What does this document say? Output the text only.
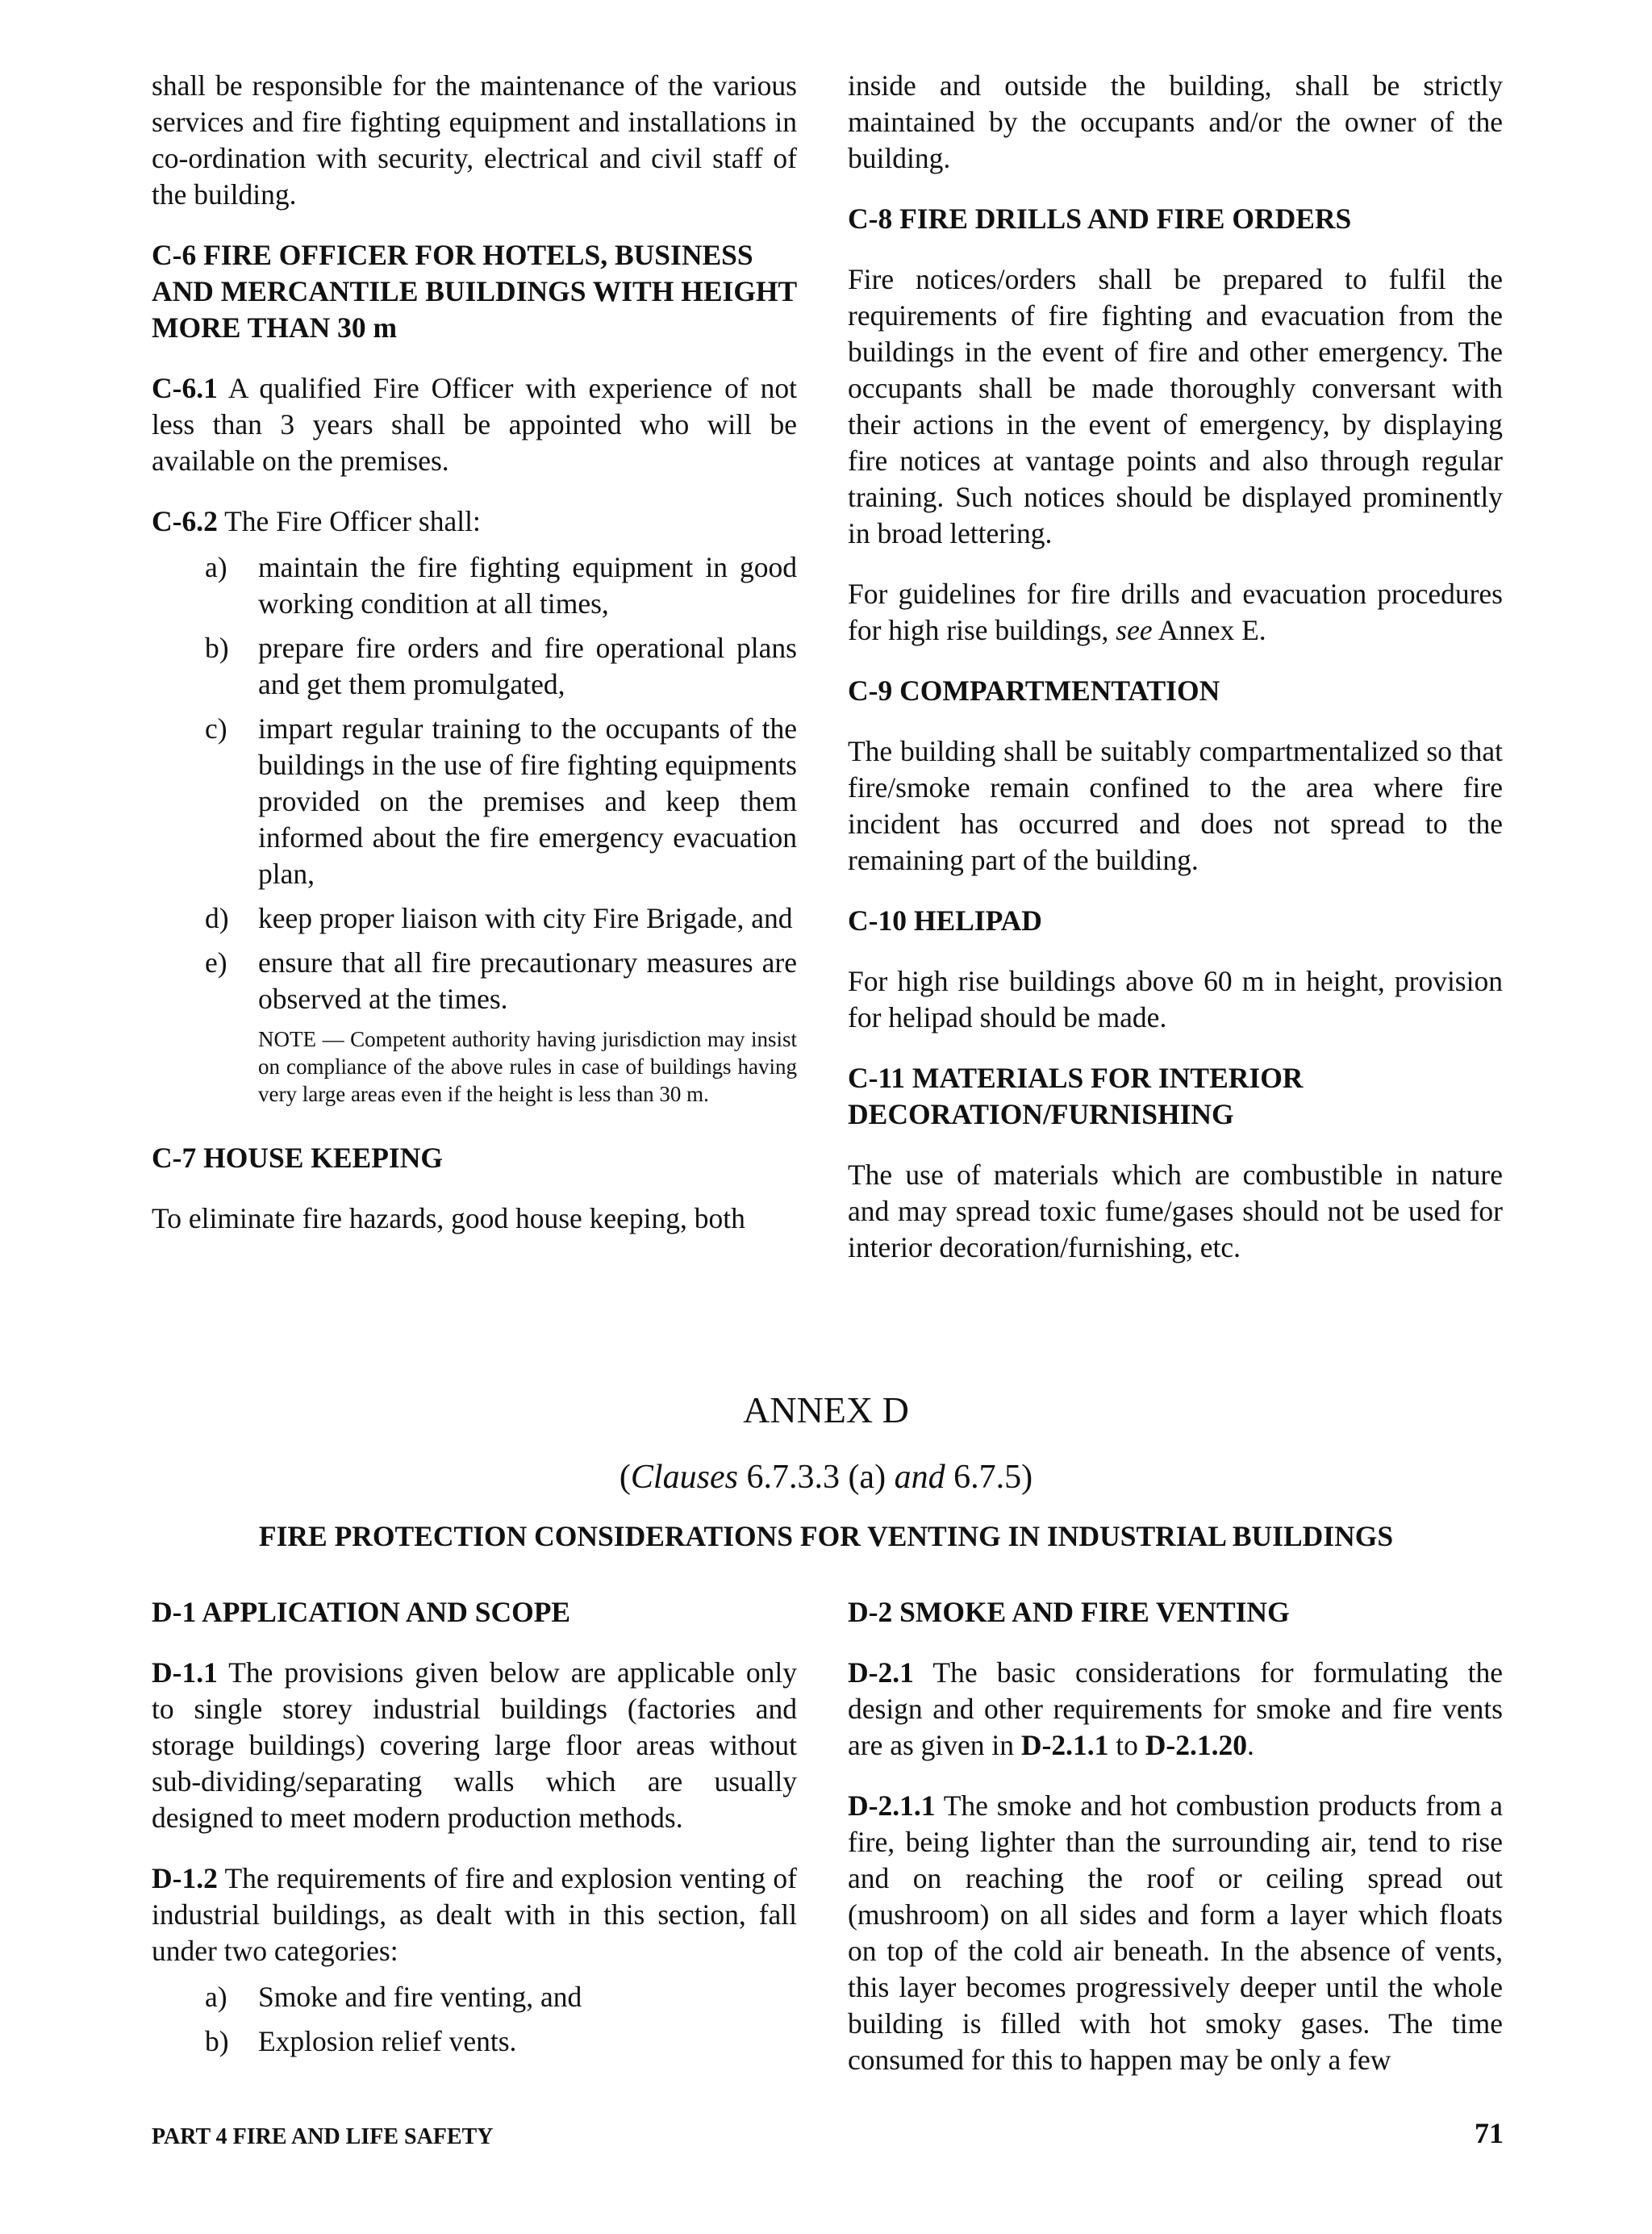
shall be responsible for the maintenance of the various services and fire fighting equipment and installations in co-ordination with security, electrical and civil staff of the building.

C-6 FIRE OFFICER FOR HOTELS, BUSINESS AND MERCANTILE BUILDINGS WITH HEIGHT MORE THAN 30 m

C-6.1 A qualified Fire Officer with experience of not less than 3 years shall be appointed who will be available on the premises.

C-6.2 The Fire Officer shall:

a) maintain the fire fighting equipment in good working condition at all times,
b) prepare fire orders and fire operational plans and get them promulgated,
c) impart regular training to the occupants of the buildings in the use of fire fighting equipments provided on the premises and keep them informed about the fire emergency evacuation plan,
d) keep proper liaison with city Fire Brigade, and
e) ensure that all fire precautionary measures are observed at the times.
NOTE — Competent authority having jurisdiction may insist on compliance of the above rules in case of buildings having very large areas even if the height is less than 30 m.
C-7 HOUSE KEEPING

To eliminate fire hazards, good house keeping, both

inside and outside the building, shall be strictly maintained by the occupants and/or the owner of the building.

C-8 FIRE DRILLS AND FIRE ORDERS

Fire notices/orders shall be prepared to fulfil the requirements of fire fighting and evacuation from the buildings in the event of fire and other emergency. The occupants shall be made thoroughly conversant with their actions in the event of emergency, by displaying fire notices at vantage points and also through regular training. Such notices should be displayed prominently in broad lettering.

For guidelines for fire drills and evacuation procedures for high rise buildings, see Annex E.

C-9 COMPARTMENTATION

The building shall be suitably compartmentalized so that fire/smoke remain confined to the area where fire incident has occurred and does not spread to the remaining part of the building.

C-10 HELIPAD

For high rise buildings above 60 m in height, provision for helipad should be made.

C-11 MATERIALS FOR INTERIOR DECORATION/FURNISHING

The use of materials which are combustible in nature and may spread toxic fume/gases should not be used for interior decoration/furnishing, etc.

ANNEX D
(Clauses 6.7.3.3 (a) and 6.7.5)
FIRE PROTECTION CONSIDERATIONS FOR VENTING IN INDUSTRIAL BUILDINGS
D-1 APPLICATION AND SCOPE

D-1.1 The provisions given below are applicable only to single storey industrial buildings (factories and storage buildings) covering large floor areas without sub-dividing/separating walls which are usually designed to meet modern production methods.

D-1.2 The requirements of fire and explosion venting of industrial buildings, as dealt with in this section, fall under two categories:

a) Smoke and fire venting, and
b) Explosion relief vents.
D-2 SMOKE AND FIRE VENTING

D-2.1 The basic considerations for formulating the design and other requirements for smoke and fire vents are as given in D-2.1.1 to D-2.1.20.

D-2.1.1 The smoke and hot combustion products from a fire, being lighter than the surrounding air, tend to rise and on reaching the roof or ceiling spread out (mushroom) on all sides and form a layer which floats on top of the cold air beneath. In the absence of vents, this layer becomes progressively deeper until the whole building is filled with hot smoky gases. The time consumed for this to happen may be only a few

PART 4 FIRE AND LIFE SAFETY	71
